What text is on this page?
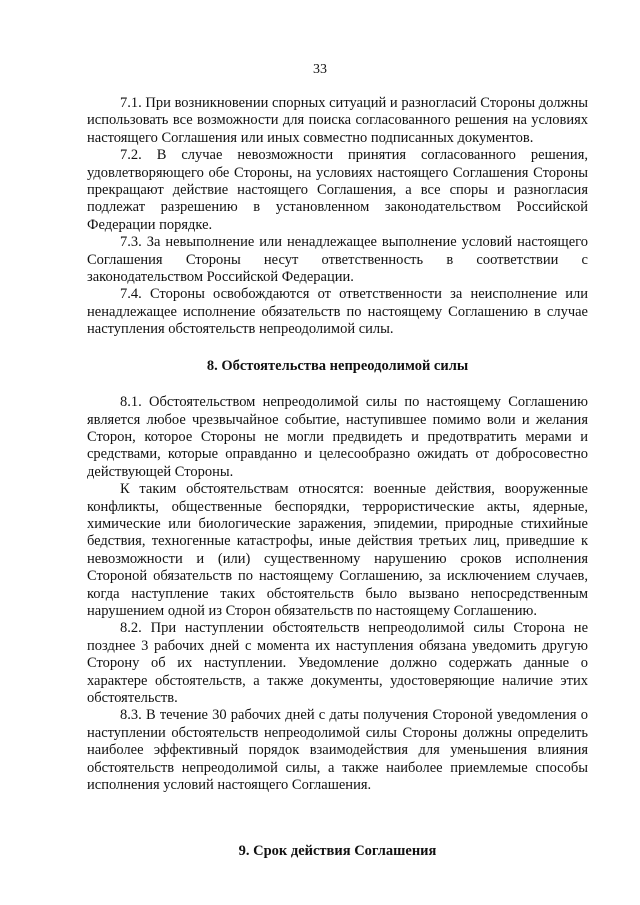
33

7.1. При возникновении спорных ситуаций и разногласий Стороны должны использовать все возможности для поиска согласованного решения на условиях настоящего Соглашения или иных совместно подписанных документов.

7.2. В случае невозможности принятия согласованного решения, удовлетворяющего обе Стороны, на условиях настоящего Соглашения Стороны прекращают действие настоящего Соглашения, а все споры и разногласия подлежат разрешению в установленном законодательством Российской Федерации порядке.

7.3. За невыполнение или ненадлежащее выполнение условий настоящего Соглашения Стороны несут ответственность в соответствии с законодательством Российской Федерации.

7.4. Стороны освобождаются от ответственности за неисполнение или ненадлежащее исполнение обязательств по настоящему Соглашению в случае наступления обстоятельств непреодолимой силы.

8. Обстоятельства непреодолимой силы

8.1. Обстоятельством непреодолимой силы по настоящему Соглашению является любое чрезвычайное событие, наступившее помимо воли и желания Сторон, которое Стороны не могли предвидеть и предотвратить мерами и средствами, которые оправданно и целесообразно ожидать от добросовестно действующей Стороны.

К таким обстоятельствам относятся: военные действия, вооруженные конфликты, общественные беспорядки, террористические акты, ядерные, химические или биологические заражения, эпидемии, природные стихийные бедствия, техногенные катастрофы, иные действия третьих лиц, приведшие к невозможности и (или) существенному нарушению сроков исполнения Стороной обязательств по настоящему Соглашению, за исключением случаев, когда наступление таких обстоятельств было вызвано непосредственным нарушением одной из Сторон обязательств по настоящему Соглашению.

8.2. При наступлении обстоятельств непреодолимой силы Сторона не позднее 3 рабочих дней с момента их наступления обязана уведомить другую Сторону об их наступлении. Уведомление должно содержать данные о характере обстоятельств, а также документы, удостоверяющие наличие этих обстоятельств.

8.3. В течение 30 рабочих дней с даты получения Стороной уведомления о наступлении обстоятельств непреодолимой силы Стороны должны определить наиболее эффективный порядок взаимодействия для уменьшения влияния обстоятельств непреодолимой силы, а также наиболее приемлемые способы исполнения условий настоящего Соглашения.

9. Срок действия Соглашения
